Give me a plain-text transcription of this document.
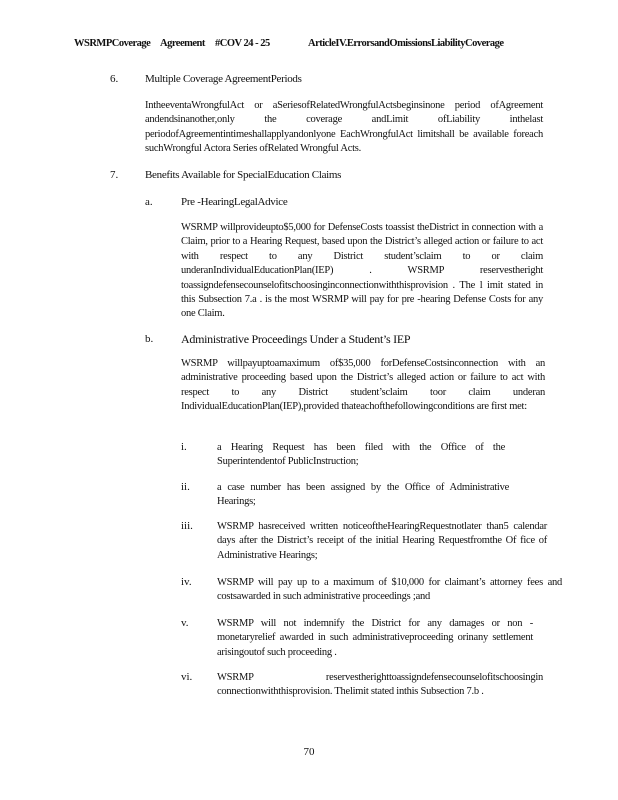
WSRMPCoverage Agreement #COV 24 - 25	ArticleIV.ErrorsandOmissionsLiabilityCoverage
6. Multiple Coverage AgreementPeriods
IntheeventaWrongfulAct or aSeriesofRelatedWrongfulActsbeginsinone period ofAgreement andendsinanother,only the coverage andLimit ofLiability inthelast periodofAgreementintimeshallapplyandonlyone EachWrongfulAct limitshall be available foreach suchWrongful Actora Series ofRelated Wrongful Acts.
7. Benefits Available for SpecialEducation Claims
a.	Pre -HearingLegalAdvice
WSRMP willprovideupto$5,000 for DefenseCosts toassist theDistrict in connection with a Claim, prior to a Hearing Request, based upon the District’s alleged action or failure to act with respect to any District student’sclaim to or claim underanIndividualEducationPlan(IEP) . WSRMP reservestheright toassigndefensecounselofitschoosinginconnectionwiththisprovision . The l imit stated in this Subsection 7.a . is the most WSRMP will pay for pre -hearing Defense Costs for any one Claim.
b. Administrative Proceedings Under a Student’s IEP
WSRMP willpayuptoamaximum of$35,000 forDefenseCostsinconnection with an administrative proceeding based upon the District’s alleged action or failure to act with respect to any District student’sclaim toor claim underan IndividualEducationPlan(IEP),provided thateachofthefollowingconditions are first met:
i.	a Hearing Request has been filed with the Office of the Superintendentof PublicInstruction;
ii.	a case number has been assigned by the Office of Administrative Hearings;
iii. WSRMP hasreceived written noticeoftheHearingRequestnotlater than5 calendar days after the District’s receipt of the initial Hearing Requestfromthe Of fice of Administrative Hearings;
iv. WSRMP will pay up to a maximum of $10,000 for claimant’s attorney fees and costsawarded in such administrative proceedings ;and
v.	WSRMP will not indemnify the District for any damages or non - monetaryrelief awarded in such administrativeproceeding orinany settlement arisingoutof such proceeding .
vi. WSRMP reservestherighttoassigndefensecounselofitschoosingin connectionwiththisprovision. Thelimit stated inthis Subsection 7.b .
70
